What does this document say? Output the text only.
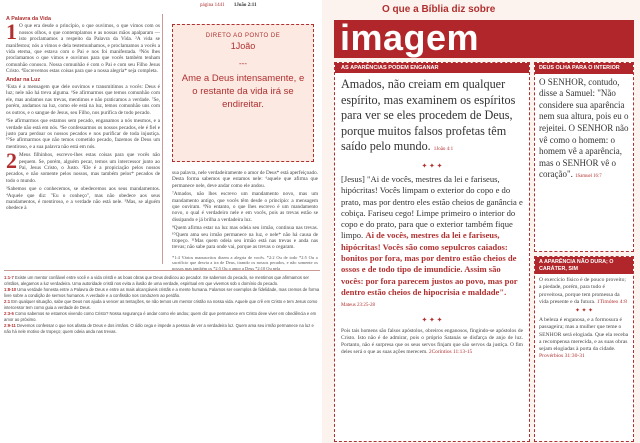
página 1441 1João 2:11
A Palavra da Vida

1 O que era desde o princípio, o que ouvimos, o que vimos com os nossos olhos, o que contemplamos e as nossas mãos apalparam — isto proclamamos a respeito da Palavra da Vida. ²A vida se manifestou; nós a vimos e dela testemunhamos, e proclamamos a vocês a vida eterna, que estava com o Pai e nos foi manifestada. ³Nós lhes proclamamos o que vimos e ouvimos para que vocês também tenham comunhão conosco. Nossa comunhão é com o Pai e com seu Filho Jesus Cristo. ⁴Escrevemos estas coisas para que a nossa alegria* seja completa.

Andar na Luz

⁵Esta é a mensagem que dele ouvimos e transmitimos a vocês: Deus é luz; nele não há treva alguma. ⁶Se afirmarmos que temos comunhão com ele, mas andamos nas trevas, mentimos e não praticamos a verdade. ⁷Se, porém, andamos na luz, como ele está na luz, temos comunhão uns com os outros, e o sangue de Jesus, seu Filho, nos purifica de todo pecado.

⁸Se afirmarmos que estamos sem pecado, enganamos a nós mesmos, e a verdade não está em nós. ⁹Se confessarmos os nossos pecados, ele é fiel e justo para perdoar os nossos pecados e nos purificar de toda injustiça. ¹⁰Se afirmarmos que não temos cometido pecado, fazemos de Deus um mentiroso, e a sua palavra não está em nós.

2 Meus filhinhos, escrevo-lhes estas coisas para que vocês não pequem. Se, porém, alguém pecar, temos um intercessor junto ao Pai, Jesus Cristo, o Justo. ²Ele é a propiciação pelos nossos pecados, e não somente pelos nossos, mas também pelos* pecados de todo o mundo.

³Sabemos que o conhecemos, se obedecemos aos seus mandamentos. ⁴Aquele que diz: "Eu o conheço", mas não obedece aos seus mandamentos, é mentiroso, e a verdade não está nele. ⁵Mas, se alguém obedece à

DIRETO AO PONTO DE
1João
---
Ame a Deus intensamente, e o restante da vida irá se endireitar.

sua palavra, nele verdadeiramente o amor de Deus* está aperfeiçoado. Desta forma sabemos que estamos nele: ⁶aquele que afirma que permanece nele, deve andar como ele andou.

⁷Amados, não lhes escrevo um mandamento novo, mas um mandamento antigo, que vocês têm desde o princípio: a mensagem que ouviram. ⁸No entanto, o que lhes escrevo é um mandamento novo, o qual é verdadeiro nele e em vocês, pois as trevas estão se dissipando e já brilha a verdadeira luz.

⁹Quem afirma estar na luz mas odeia seu irmão, continua nas trevas. ¹⁰Quem ama seu irmão permanece na luz, e nele* não há causa de tropeço. ¹¹Mas quem odeia seu irmão está nas trevas e anda nas trevas; não sabe para onde vai, porque as trevas o cegaram.

*1:4 Vários manuscritos dizem a alegria de vocês. *2:2 Ou de todo *2:5 Ou o sacrifício que desvia a ira de Deus, tirando os nossos pecados, e não somente os nossos mas também os *2:5 Ou o amor a Deus *2:10 Ou nela

1:1-7 Existe um mentor confiável entre você e a vida cristã e as boas obras que Deus dedicou ao pecador. Se sabemos do pecado, se mentimos que afirmamos ser cristãos, alegamos a luz verdadeira. Uma autoridade cristã nos evita a ilusão de uma verdade, espiritual em que vivemos sob o domínio do pecado.
1:8-10 Uma verdade honesta entre a Palavra de Deus e entre as mais alcançáveis cristãs e a mente humana. Falamos ser exemplos de fidelidade, mas cremos de forma livre sobre a condição de sermos humanos. A verdade e a confissão nos conduzem ao perdão.
2:1 Em qualquer situação, sabe que Deus nos ajuda a vencer as tentações, se não temos um mentor cristão na nossa vida. Aquele que crê em Cristo e tem Jesus como intercessor tem como guia a verdade de Deus.
2:3-6 Como sabemos se estamos vivendo como Cristo? Nossa segurança é andar como ele andou; quem diz que permanece em Cristo deve viver em obediência e em amor ao próximo.
2:9-11 Devemos confessar o que nos afasta de Deus e dos irmãos. O ódio cega e impede a pessoa de ver a verdadeira luz. Quem ama seu irmão permanece na luz e não há nele motivo de tropeço; quem odeia anda nas trevas.
O que a Bíblia diz sobre
imagem
AS APARÊNCIAS PODEM ENGANAR
Amados, não creiam em qualquer espírito, mas examinem os espíritos para ver se eles procedem de Deus, porque muitos falsos profetas têm saído pelo mundo. 1João 4:1
✦ ✦ ✦
[Jesus] "Ai de vocês, mestres da lei e fariseus, hipócritas! Vocês limpam o exterior do copo e do prato, mas por dentro eles estão cheios de ganância e cobiça. Fariseu cego! Limpe primeiro o interior do copo e do prato, para que o exterior também fique limpo. Ai de vocês, mestres da lei e fariseus, hipócritas! Vocês são como sepulcros caiados: bonitos por fora, mas por dentro estão cheios de ossos e de todo tipo de imundície. Assim são vocês: por fora parecem justos ao povo, mas por dentro estão cheios de hipocrisia e maldade". Mateus 23:25-28
✦ ✦ ✦
Pois tais homens são falsos apóstolos, obreiros enganosos, fingindo-se apóstolos de Cristo. Isto não é de admirar, pois o próprio Satanás se disfarça de anjo de luz. Portanto, não é surpresa que os seus servos finjam que são servos da justiça. O fim deles será o que as suas ações merecem. 2Coríntios 11:13-15
DEUS OLHA PARA O INTERIOR
O SENHOR, contudo, disse a Samuel: "Não considere sua aparência nem sua altura, pois eu o rejeitei. O SENHOR não vê como o homem: o homem vê a aparência, mas o SENHOR vê o coração". 1Samuel 16:7
A APARÊNCIA NÃO DURA; O CARÁTER, SIM
O exercício físico é de pouco proveito; a piedade, porém, para tudo é proveitosa, porque tem promessa da vida presente e da futura. 1Timóteo 4:8
✦ ✦ ✦
A beleza é enganosa, e a formosura é passageira; mas a mulher que teme o SENHOR será elogiada. Que ela receba a recompensa merecida, e as suas obras sejam elogiadas à porta da cidade. Provérbios 31:30-31
